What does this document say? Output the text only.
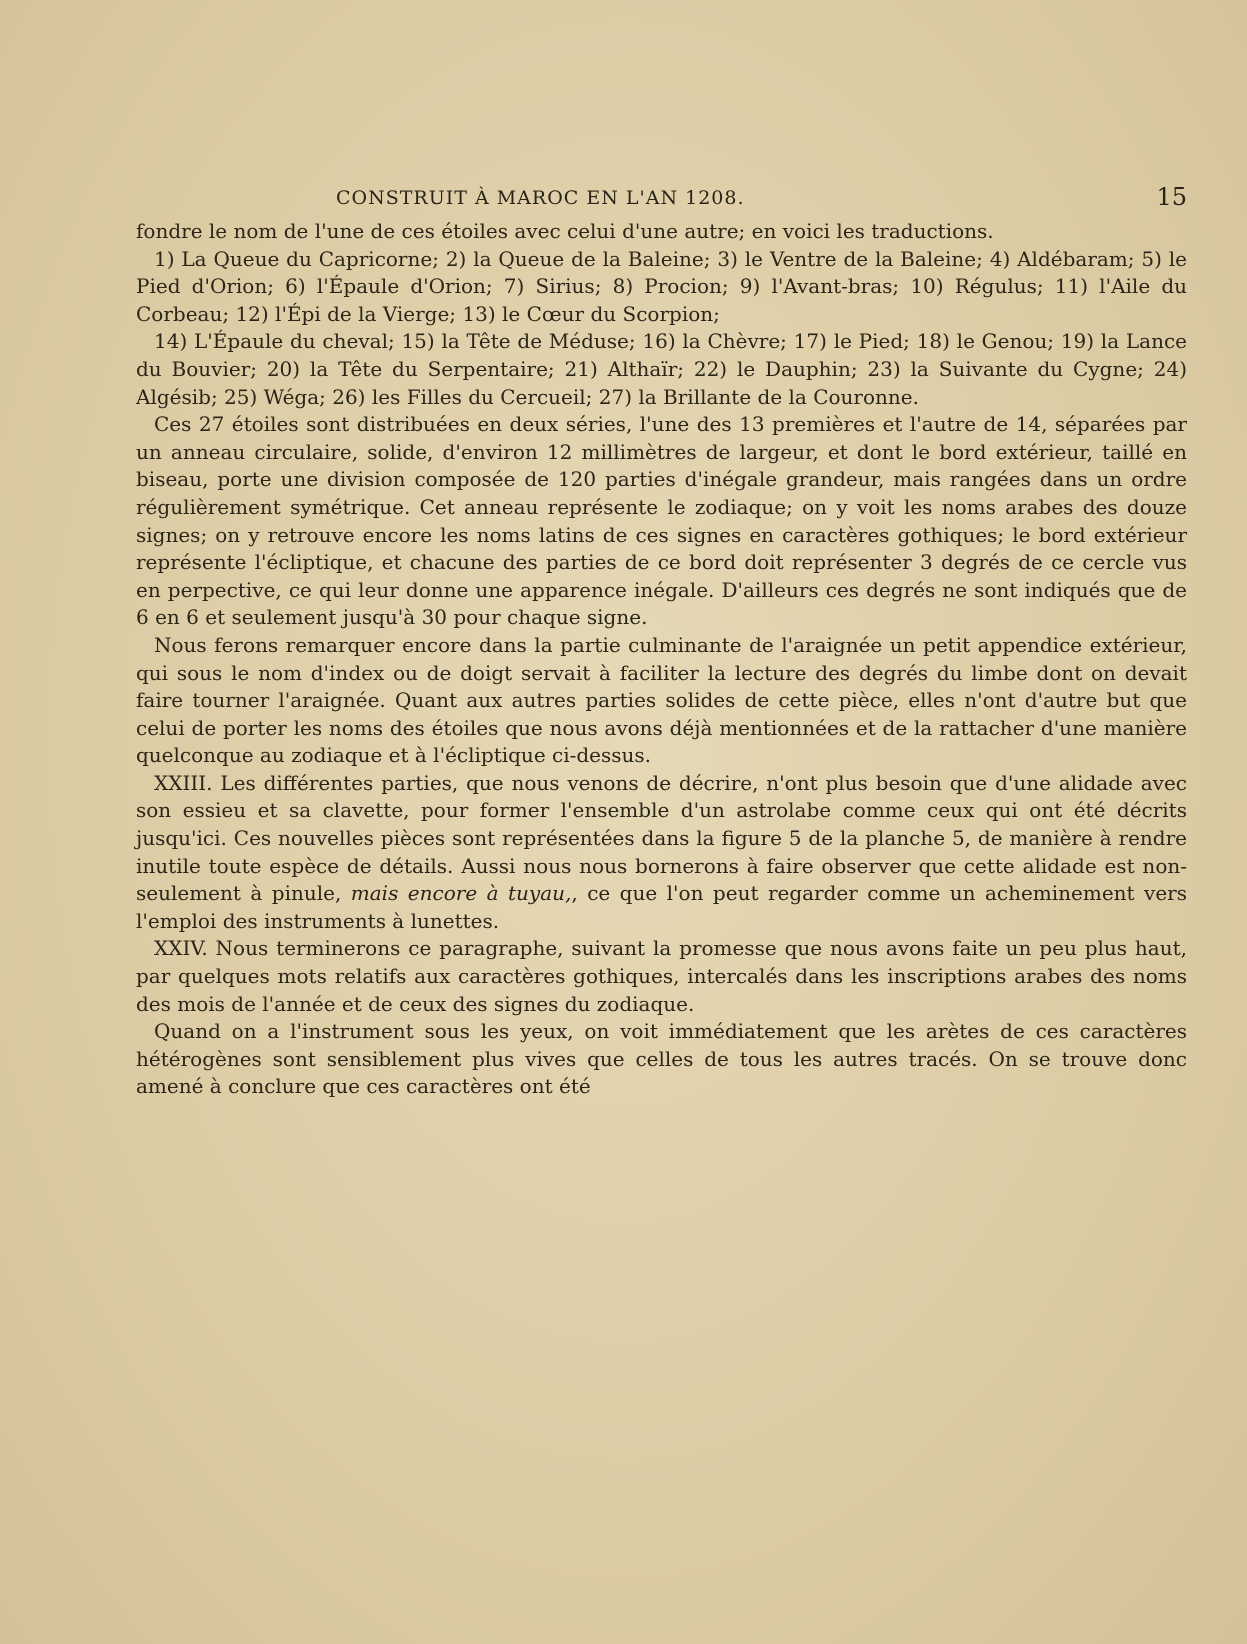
CONSTRUIT À MAROC EN L'AN 1208.	15

fondre le nom de l'une de ces étoiles avec celui d'une autre; en voici les traductions.

1) La Queue du Capricorne; 2) la Queue de la Baleine; 3) le Ventre de la Baleine; 4) Aldébaram; 5) le Pied d'Orion; 6) l'Épaule d'Orion; 7) Sirius; 8) Procion; 9) l'Avant-bras; 10) Régulus; 11) l'Aile du Corbeau; 12) l'Épi de la Vierge; 13) le Cœur du Scorpion;

14) L'Épaule du cheval; 15) la Tête de Méduse; 16) la Chèvre; 17) le Pied; 18) le Genou; 19) la Lance du Bouvier; 20) la Tête du Serpentaire; 21) Althaïr; 22) le Dauphin; 23) la Suivante du Cygne; 24) Algésib; 25) Wéga; 26) les Filles du Cercueil; 27) la Brillante de la Couronne.

Ces 27 étoiles sont distribuées en deux séries, l'une des 13 premières et l'autre de 14, séparées par un anneau circulaire, solide, d'environ 12 millimètres de largeur, et dont le bord extérieur, taillé en biseau, porte une division composée de 120 parties d'inégale grandeur, mais rangées dans un ordre régulièrement symétrique. Cet anneau représente le zodiaque; on y voit les noms arabes des douze signes; on y retrouve encore les noms latins de ces signes en caractères gothiques; le bord extérieur représente l'écliptique, et chacune des parties de ce bord doit représenter 3 degrés de ce cercle vus en perpective, ce qui leur donne une apparence inégale. D'ailleurs ces degrés ne sont indiqués que de 6 en 6 et seulement jusqu'à 30 pour chaque signe.

Nous ferons remarquer encore dans la partie culminante de l'araignée un petit appendice extérieur, qui sous le nom d'index ou de doigt servait à faciliter la lecture des degrés du limbe dont on devait faire tourner l'araignée. Quant aux autres parties solides de cette pièce, elles n'ont d'autre but que celui de porter les noms des étoiles que nous avons déjà mentionnées et de la rattacher d'une manière quelconque au zodiaque et à l'écliptique ci-dessus.

XXIII. Les différentes parties, que nous venons de décrire, n'ont plus besoin que d'une alidade avec son essieu et sa clavette, pour former l'ensemble d'un astrolabe comme ceux qui ont été décrits jusqu'ici. Ces nouvelles pièces sont représentées dans la figure 5 de la planche 5, de manière à rendre inutile toute espèce de détails. Aussi nous nous bornerons à faire observer que cette alidade est non-seulement à pinule, mais encore à tuyau,, ce que l'on peut regarder comme un acheminement vers l'emploi des instruments à lunettes.

XXIV. Nous terminerons ce paragraphe, suivant la promesse que nous avons faite un peu plus haut, par quelques mots relatifs aux caractères gothiques, intercalés dans les inscriptions arabes des noms des mois de l'année et de ceux des signes du zodiaque.

Quand on a l'instrument sous les yeux, on voit immédiatement que les arètes de ces caractères hétérogènes sont sensiblement plus vives que celles de tous les autres tracés. On se trouve donc amené à conclure que ces caractères ont été
